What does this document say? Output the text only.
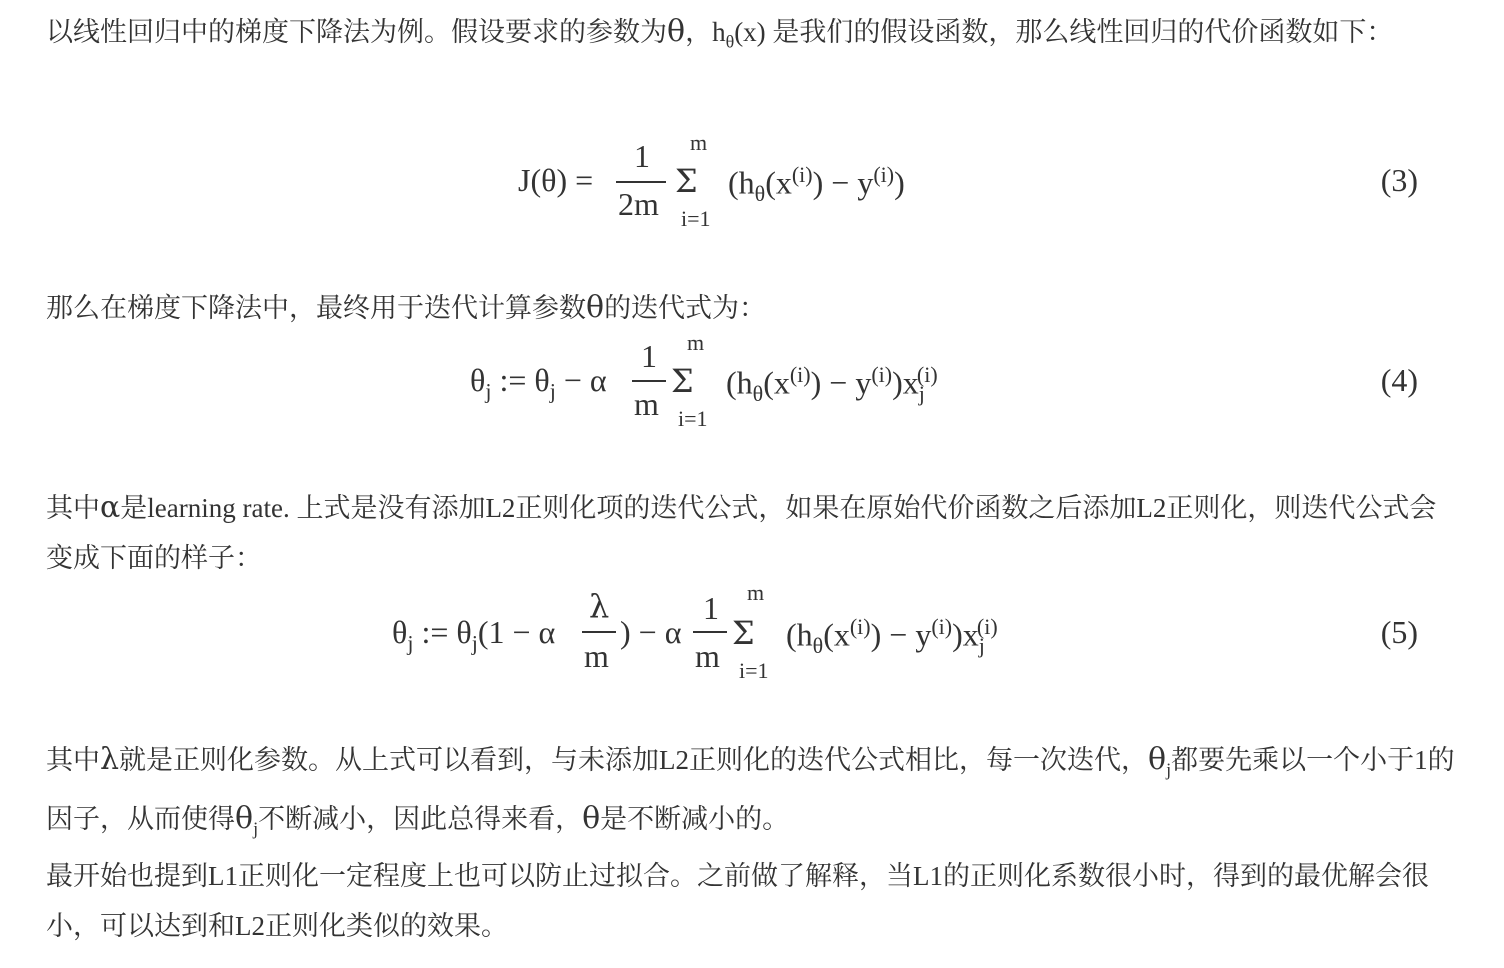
以线性回归中的梯度下降法为例。假设要求的参数为θ，$h_\theta(x)$ 是我们的假设函数，那么线性回归的代价函数如下：
J(θ) =
1
2m
m
Σ
i=1
$(h_\theta(x^{(i)}) - y^{(i)})$	(3)
那么在梯度下降法中，最终用于迭代计算参数θ的迭代式为：
$\theta_j$ := $\theta_j - \alpha$
1
m
m
Σ
i=1
$(h_\theta(x^{(i)}) - y^{(i)})x_j^{(i)}$	(4)
其中α是learning rate. 上式是没有添加L2正则化项的迭代公式，如果在原始代价函数之后添加L2正则化，则迭代公式会变成下面的样子：
$\theta_j$ := $\theta_j(1 - \alpha$
λ
m
) − α
1
m
m
Σ
i=1
$(h_\theta(x^{(i)}) - y^{(i)})x_j^{(i)}$	(5)
其中λ就是正则化参数。从上式可以看到，与未添加L2正则化的迭代公式相比，每一次迭代，$\theta_j$都要先乘以一个小于1的因子，从而使得$\theta_j$不断减小，因此总得来看，θ是不断减小的。
最开始也提到L1正则化一定程度上也可以防止过拟合。之前做了解释，当L1的正则化系数很小时，得到的最优解会很小，可以达到和L2正则化类似的效果。
